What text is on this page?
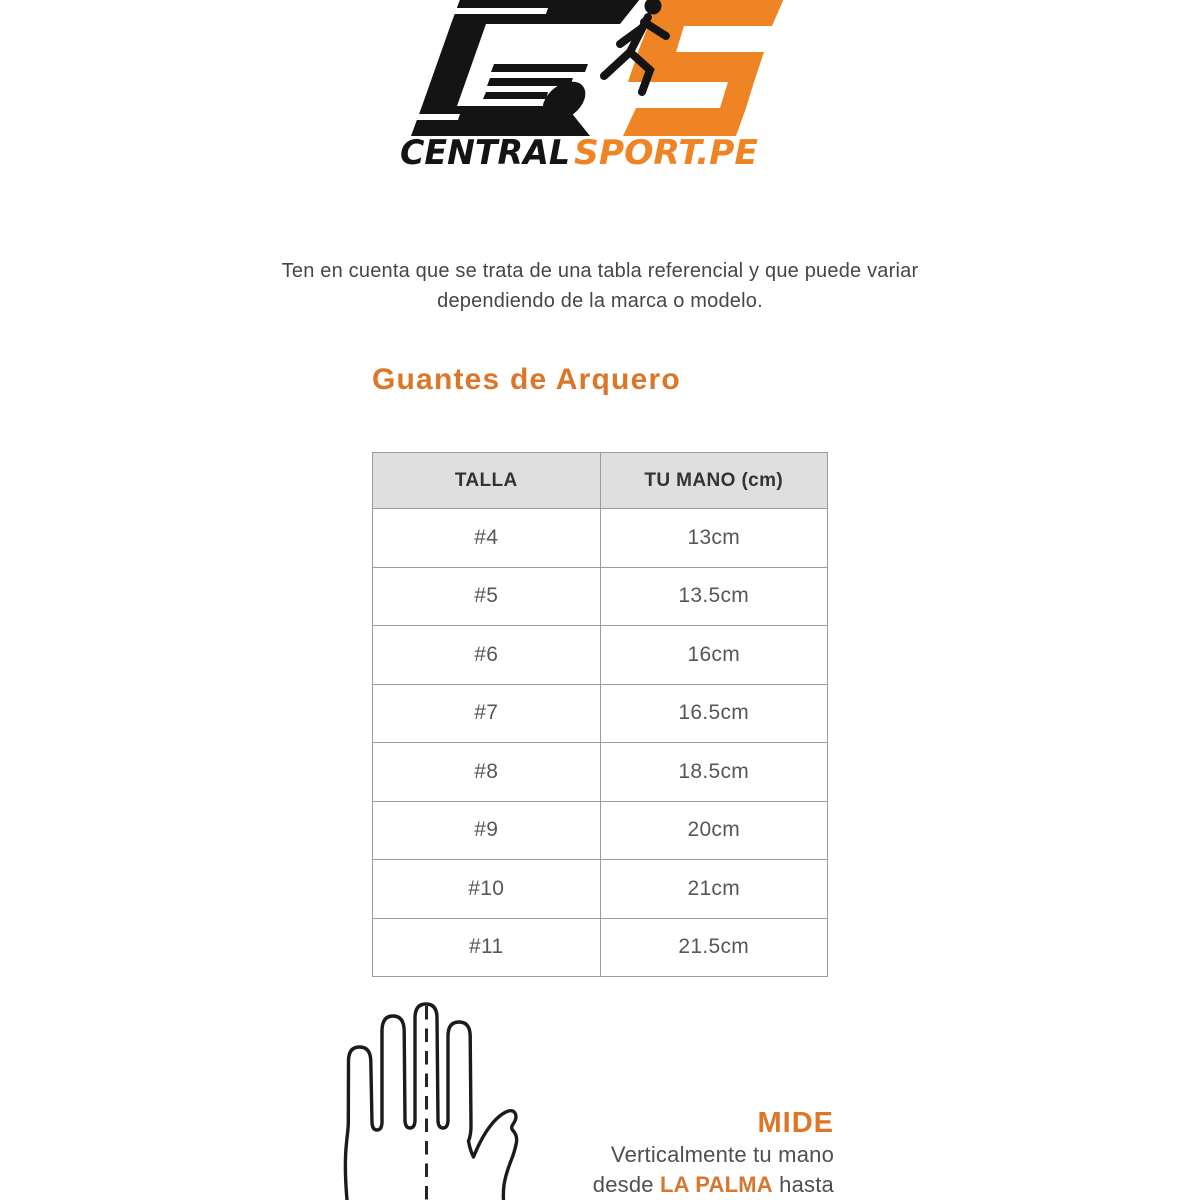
CENTRAL SPORT.PE
Ten en cuenta que se trata de una tabla referencial y que puede variar
dependiendo de la marca o modelo.
Guantes de Arquero
TALLA	TU MANO (cm)
#4	13cm
#5	13.5cm
#6	16cm
#7	16.5cm
#8	18.5cm
#9	20cm
#10	21cm
#11	21.5cm
MIDE
Verticalmente tu mano
desde LA PALMA hasta
